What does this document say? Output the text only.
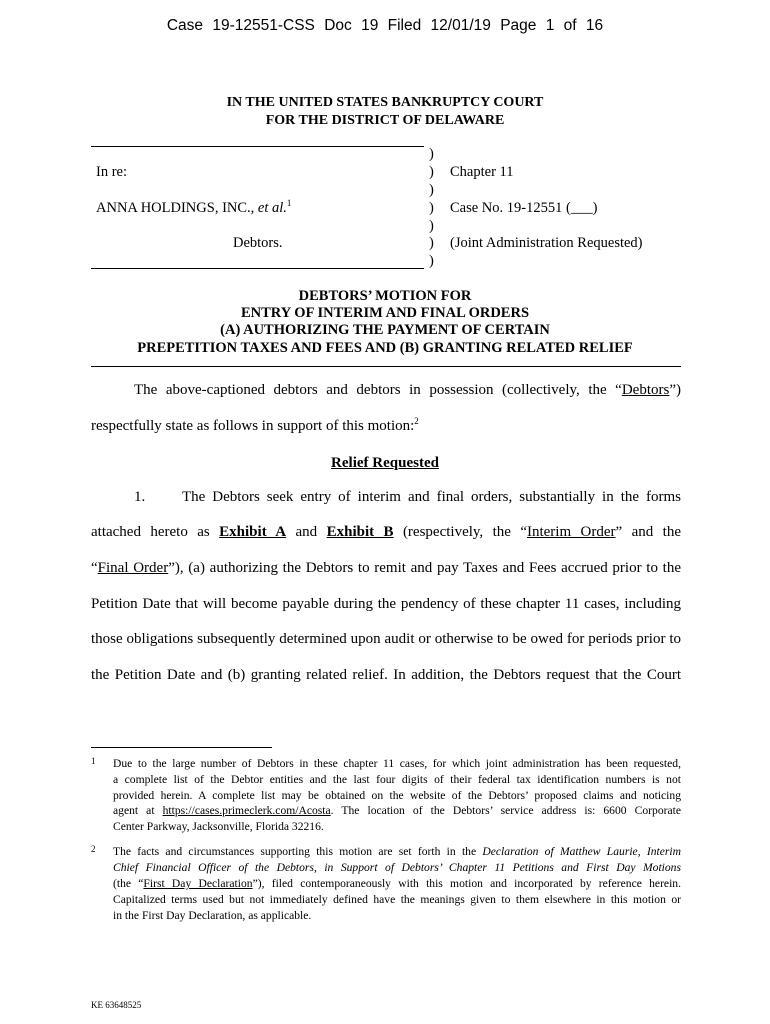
Case 19-12551-CSS Doc 19 Filed 12/01/19 Page 1 of 16
IN THE UNITED STATES BANKRUPTCY COURT
FOR THE DISTRICT OF DELAWARE
In re:
ANNA HOLDINGS, INC., et al.$^1$
Debtors.
)
)
)
)
)
)
)
Chapter 11
Case No. 19-12551 (___)
(Joint Administration Requested)
DEBTORS’ MOTION FOR
ENTRY OF INTERIM AND FINAL ORDERS
(A) AUTHORIZING THE PAYMENT OF CERTAIN
PREPETITION TAXES AND FEES AND (B) GRANTING RELATED RELIEF
The above-captioned debtors and debtors in possession (collectively, the “Debtors”)
respectfully state as follows in support of this motion:$^2$
Relief Requested
1. The Debtors seek entry of interim and final orders, substantially in the forms
attached hereto as Exhibit A and Exhibit B (respectively, the “Interim Order” and the
“Final Order”), (a) authorizing the Debtors to remit and pay Taxes and Fees accrued prior to the
Petition Date that will become payable during the pendency of these chapter 11 cases, including
those obligations subsequently determined upon audit or otherwise to be owed for periods prior to
the Petition Date and (b) granting related relief. In addition, the Debtors request that the Court
1 Due to the large number of Debtors in these chapter 11 cases, for which joint administration has been requested,
a complete list of the Debtor entities and the last four digits of their federal tax identification numbers is not
provided herein. A complete list may be obtained on the website of the Debtors’ proposed claims and noticing
agent at https://cases.primeclerk.com/Acosta. The location of the Debtors’ service address is: 6600 Corporate
Center Parkway, Jacksonville, Florida 32216.
2 The facts and circumstances supporting this motion are set forth in the Declaration of Matthew Laurie, Interim
Chief Financial Officer of the Debtors, in Support of Debtors’ Chapter 11 Petitions and First Day Motions
(the “First Day Declaration”), filed contemporaneously with this motion and incorporated by reference herein.
Capitalized terms used but not immediately defined have the meanings given to them elsewhere in this motion or
in the First Day Declaration, as applicable.
KE 63648525
